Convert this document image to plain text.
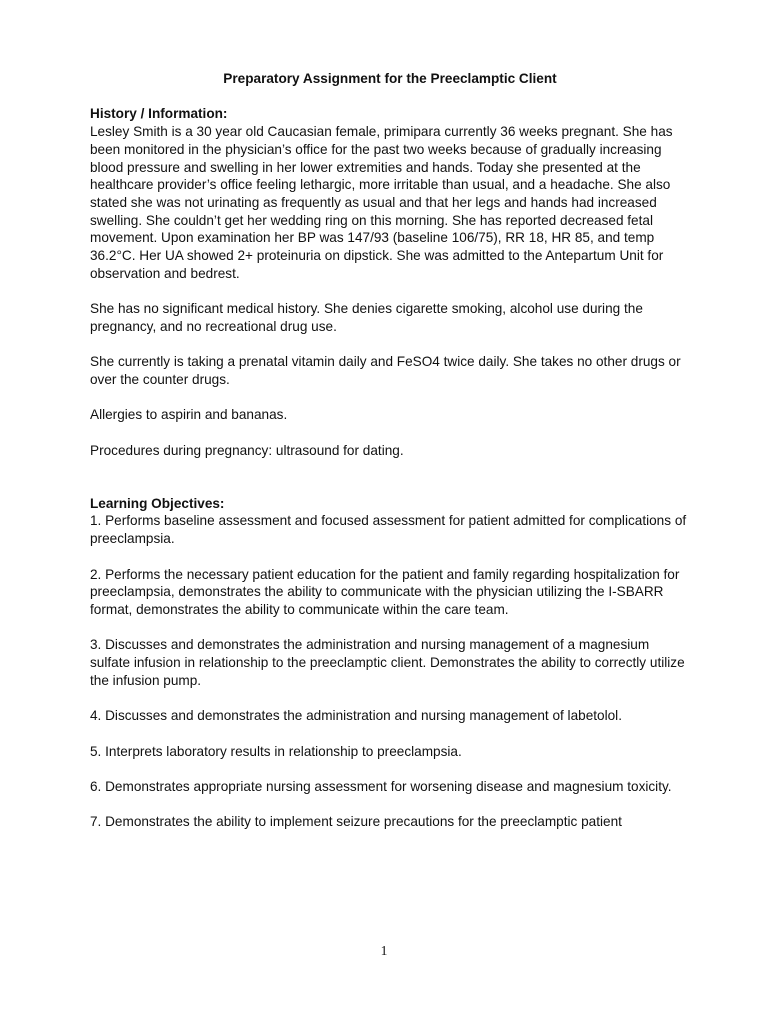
Preparatory Assignment for the Preeclamptic Client
History / Information:
Lesley Smith is a 30 year old Caucasian female, primipara currently 36 weeks pregnant. She has been monitored in the physician’s office for the past two weeks because of gradually increasing blood pressure and swelling in her lower extremities and hands. Today she presented at the healthcare provider’s office feeling lethargic, more irritable than usual, and a headache. She also stated she was not urinating as frequently as usual and that her legs and hands had increased swelling. She couldn’t get her wedding ring on this morning. She has reported decreased fetal movement. Upon examination her BP was 147/93 (baseline 106/75), RR 18, HR 85, and temp 36.2°C. Her UA showed 2+ proteinuria on dipstick. She was admitted to the Antepartum Unit for observation and bedrest.
She has no significant medical history. She denies cigarette smoking, alcohol use during the pregnancy, and no recreational drug use.
She currently is taking a prenatal vitamin daily and FeSO4 twice daily. She takes no other drugs or over the counter drugs.
Allergies to aspirin and bananas.
Procedures during pregnancy: ultrasound for dating.
Learning Objectives:
1. Performs baseline assessment and focused assessment for patient admitted for complications of preeclampsia.
2. Performs the necessary patient education for the patient and family regarding hospitalization for preeclampsia, demonstrates the ability to communicate with the physician utilizing the I-SBARR format, demonstrates the ability to communicate within the care team.
3. Discusses and demonstrates the administration and nursing management of a magnesium sulfate infusion in relationship to the preeclamptic client. Demonstrates the ability to correctly utilize the infusion pump.
4. Discusses and demonstrates the administration and nursing management of labetolol.
5. Interprets laboratory results in relationship to preeclampsia.
6. Demonstrates appropriate nursing assessment for worsening disease and magnesium toxicity.
7. Demonstrates the ability to implement seizure precautions for the preeclamptic patient
1
